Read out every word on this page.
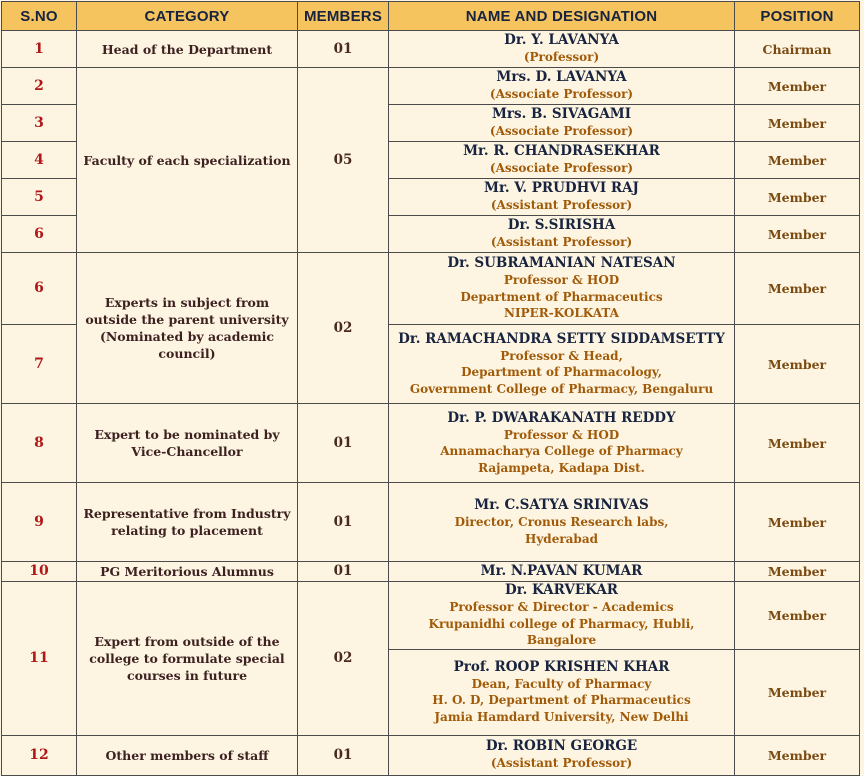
S.NO	CATEGORY	MEMBERS	NAME AND DESIGNATION	POSITION
1	Head of the Department	01	Dr. Y. LAVANYA
(Professor)	Chairman
2	Faculty of each specialization	05	Mrs. D. LAVANYA
(Associate Professor)	Member
3			Mrs. B. SIVAGAMI
(Associate Professor)	Member
4			Mr. R. CHANDRASEKHAR
(Associate Professor)	Member
5			Mr. V. PRUDHVI RAJ
(Assistant Professor)	Member
6			Dr. S.SIRISHA
(Assistant Professor)	Member
6	Experts in subject from outside the parent university (Nominated by academic council)	02	Dr. SUBRAMANIAN NATESAN
Professor & HOD
Department of Pharmaceutics
NIPER-KOLKATA	Member
7			Dr. RAMACHANDRA SETTY SIDDAMSETTY
Professor & Head,
Department of Pharmacology,
Government College of Pharmacy, Bengaluru	Member
8	Expert to be nominated by Vice-Chancellor	01	Dr. P. DWARAKANATH REDDY
Professor & HOD
Annamacharya College of Pharmacy
Rajampeta, Kadapa Dist.	Member
9	Representative from Industry relating to placement	01	Mr. C.SATYA SRINIVAS
Director, Cronus Research labs,
Hyderabad	Member
10	PG Meritorious Alumnus	01	Mr. N.PAVAN KUMAR	Member
11	Expert from outside of the college to formulate special courses in future	02	Dr. KARVEKAR
Professor & Director - Academics
Krupanidhi college of Pharmacy, Hubli, Bangalore	Member

			Prof. ROOP KRISHEN KHAR
Dean, Faculty of Pharmacy
H. O. D, Department of Pharmaceutics
Jamia Hamdard University, New Delhi	Member
12	Other members of staff	01	Dr. ROBIN GEORGE
(Assistant Professor)	Member
